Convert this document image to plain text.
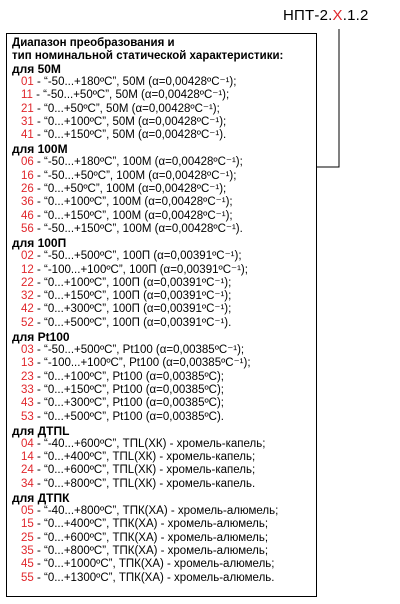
НПТ-2.X.1.2
Диапазон преобразования и
тип номинальной статической характеристики:
для 50М
01 - “-50...+180ºC”, 50M (α=0,00428ºC⁻¹);
11 - “-50...+50ºC”, 50M (α=0,00428ºC⁻¹);
21 - “0...+50ºC”, 50M (α=0,00428ºC⁻¹);
31 - “0...+100ºC”, 50M (α=0,00428ºC⁻¹);
41 - “0...+150ºC”, 50M (α=0,00428ºC⁻¹).
для 100М
06 - “-50...+180ºC”, 100M (α=0,00428ºC⁻¹);
16 - “-50...+50ºC”, 100M (α=0,00428ºC⁻¹);
26 - “0...+50ºC”, 100M (α=0,00428ºC⁻¹);
36 - “0...+100ºC”, 100M (α=0,00428ºC⁻¹);
46 - “0...+150ºC”, 100M (α=0,00428ºC⁻¹);
56 - “-50...+150ºC”, 100M (α=0,00428ºC⁻¹).
для 100П
02 - “-50...+500ºC”, 100П (α=0,00391ºC⁻¹);
12 - “-100...+100ºC”, 100П (α=0,00391ºC⁻¹);
22 - “0...+100ºC”, 100П (α=0,00391ºC⁻¹);
32 - “0...+150ºC”, 100П (α=0,00391ºC⁻¹);
42 - “0...+300ºC”, 100П (α=0,00391ºC⁻¹);
52 - “0...+500ºC”, 100П (α=0,00391ºC⁻¹).
для Pt100
03 - “-50...+500ºC”, Pt100 (α=0,00385ºC⁻¹);
13 - “-100...+100ºC”, Pt100 (α=0,00385ºC⁻¹);
23 - “0...+100ºC”, Pt100 (α=0,00385ºC);
33 - “0...+150ºC”, Pt100 (α=0,00385ºC);
43 - “0...+300ºC”, Pt100 (α=0,00385ºC);
53 - “0...+500ºC”, Pt100 (α=0,00385ºC).
для ДТПL
04 - “-40...+600ºC”, ТПL(ХК) - хромель-капель;
14 - “0...+400ºC”, ТПL(ХК) - хромель-капель;
24 - “0...+600ºC”, ТПL(ХК) - хромель-капель;
34 - “0...+800ºC”, ТПL(ХК) - хромель-капель.
для ДТПК
05 - “-40...+800ºC”, ТПК(ХА) - хромель-алюмель;
15 - “0...+400ºC”, ТПК(ХА) - хромель-алюмель;
25 - “0...+600ºC”, ТПК(ХА) - хромель-алюмель;
35 - “0...+800ºC”, ТПК(ХА) - хромель-алюмель;
45 - “0...+1000ºC”, ТПК(ХА) - хромель-алюмель;
55 - “0...+1300ºC”, ТПК(ХА) - хромель-алюмель.
